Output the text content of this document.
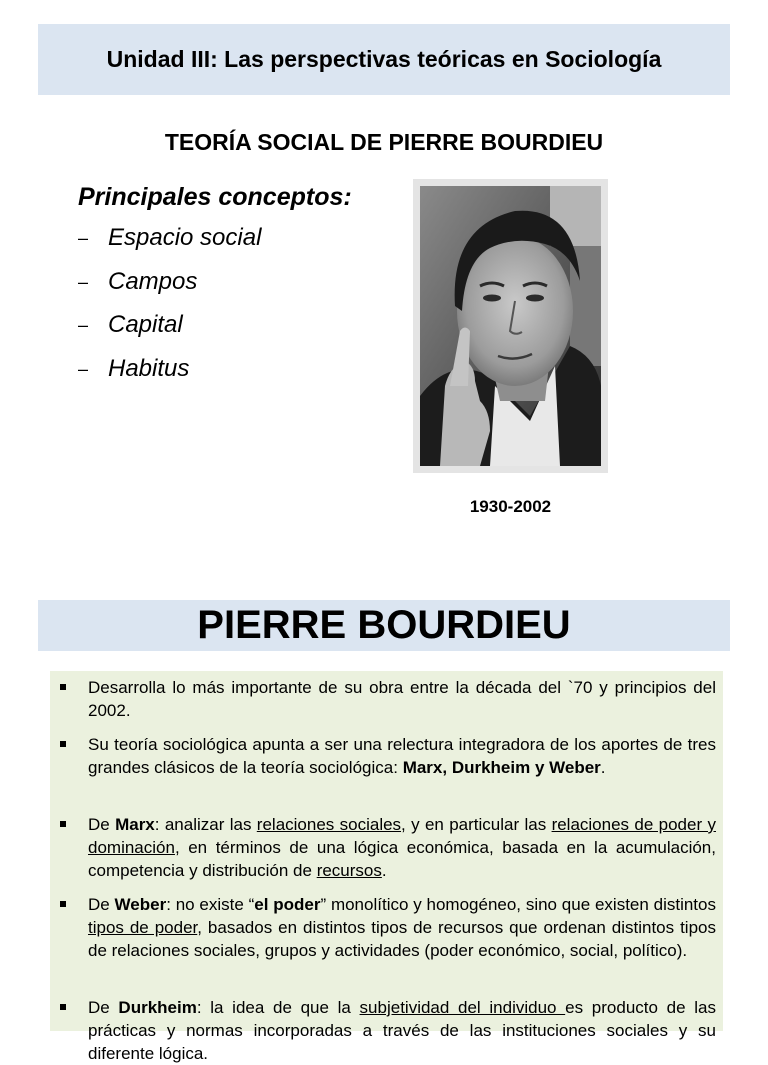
Unidad III: Las perspectivas teóricas en Sociología
TEORÍA SOCIAL DE PIERRE BOURDIEU
Principales conceptos:
– Espacio social
– Campos
– Capital
– Habitus
1930-2002
PIERRE BOURDIEU
Desarrolla lo más importante de su obra entre la década del `70 y principios del 2002.
Su teoría sociológica apunta a ser una relectura integradora de los aportes de tres grandes clásicos de la teoría sociológica: Marx, Durkheim y Weber.
De Marx: analizar las relaciones sociales, y en particular las relaciones de poder y dominación, en términos de una lógica económica, basada en la acumulación, competencia y distribución de recursos.
De Weber: no existe “el poder” monolítico y homogéneo, sino que existen distintos tipos de poder, basados en distintos tipos de recursos que ordenan distintos tipos de relaciones sociales, grupos y actividades (poder económico, social, político).
De Durkheim: la idea de que la subjetividad del individuo es producto de las prácticas y normas incorporadas a través de las instituciones sociales y su diferente lógica.
